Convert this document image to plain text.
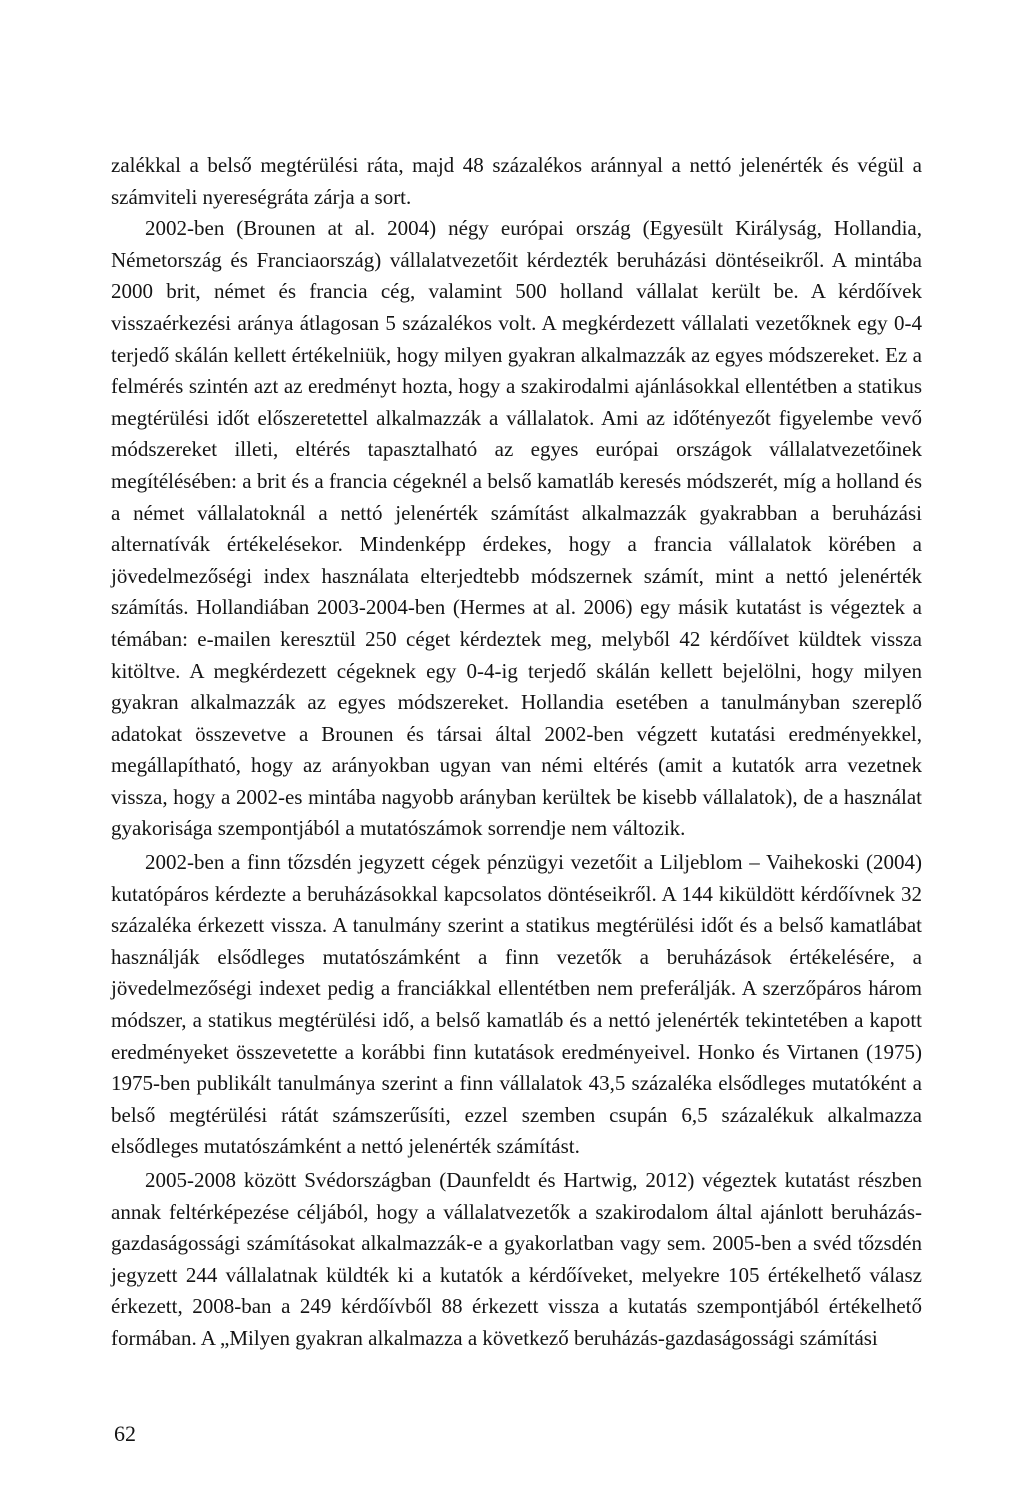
zalékkal a belső megtérülési ráta, majd 48 százalékos aránnyal a nettó jelenérték és végül a számviteli nyereségráta zárja a sort.

2002-ben (Brounen at al. 2004) négy európai ország (Egyesült Királyság, Hollandia, Németország és Franciaország) vállalatvezetőit kérdezték beruházási döntéseikről. A mintába 2000 brit, német és francia cég, valamint 500 holland vállalat került be. A kérdőívek visszaérkezési aránya átlagosan 5 százalékos volt. A megkérdezett vállalati vezetőknek egy 0-4 terjedő skálán kellett értékelniük, hogy milyen gyakran alkalmazzák az egyes módszereket. Ez a felmérés szintén azt az eredményt hozta, hogy a szakirodalmi ajánlásokkal ellentétben a statikus megtérülési időt előszeretettel alkalmazzák a vállalatok. Ami az időtényezőt figyelembe vevő módszereket illeti, eltérés tapasztalható az egyes európai országok vállalatvezetőinek megítélésében: a brit és a francia cégeknél a belső kamatláb keresés módszerét, míg a holland és a német vállalatoknál a nettó jelenérték számítást alkalmazzák gyakrabban a beruházási alternatívák értékelésekor. Mindenképp érdekes, hogy a francia vállalatok körében a jövedelmezőségi index használata elterjedtebb módszernek számít, mint a nettó jelenérték számítás. Hollandiában 2003-2004-ben (Hermes at al. 2006) egy másik kutatást is végeztek a témában: e-mailen keresztül 250 céget kérdeztek meg, melyből 42 kérdőívet küldtek vissza kitöltve. A megkérdezett cégeknek egy 0-4-ig terjedő skálán kellett bejelölni, hogy milyen gyakran alkalmazzák az egyes módszereket. Hollandia esetében a tanulmányban szereplő adatokat összevetve a Brounen és társai által 2002-ben végzett kutatási eredményekkel, megállapítható, hogy az arányokban ugyan van némi eltérés (amit a kutatók arra vezetnek vissza, hogy a 2002-es mintába nagyobb arányban kerültek be kisebb vállalatok), de a használat gyakorisága szempontjából a mutatószámok sorrendje nem változik.

2002-ben a finn tőzsdén jegyzett cégek pénzügyi vezetőit a Liljeblom – Vaihekoski (2004) kutatópáros kérdezte a beruházásokkal kapcsolatos döntéseikről. A 144 kiküldött kérdőívnek 32 százaléka érkezett vissza. A tanulmány szerint a statikus megtérülési időt és a belső kamatlábat használják elsődleges mutatószámként a finn vezetők a beruházások értékelésére, a jövedelmezőségi indexet pedig a franciákkal ellentétben nem preferálják. A szerzőpáros három módszer, a statikus megtérülési idő, a belső kamatláb és a nettó jelenérték tekintetében a kapott eredményeket összevetette a korábbi finn kutatások eredményeivel. Honko és Virtanen (1975) 1975-ben publikált tanulmánya szerint a finn vállalatok 43,5 százaléka elsődleges mutatóként a belső megtérülési rátát számszerűsíti, ezzel szemben csupán 6,5 százalékuk alkalmazza elsődleges mutatószámként a nettó jelenérték számítást.

2005-2008 között Svédországban (Daunfeldt és Hartwig, 2012) végeztek kutatást részben annak feltérképezése céljából, hogy a vállalatvezetők a szakirodalom által ajánlott beruházás-gazdaságossági számításokat alkalmazzák-e a gyakorlatban vagy sem. 2005-ben a svéd tőzsdén jegyzett 244 vállalatnak küldték ki a kutatók a kérdőíveket, melyekre 105 értékelhető válasz érkezett, 2008-ban a 249 kérdőívből 88 érkezett vissza a kutatás szempontjából értékelhető formában. A „Milyen gyakran alkalmazza a következő beruházás-gazdaságossági számítási

62
